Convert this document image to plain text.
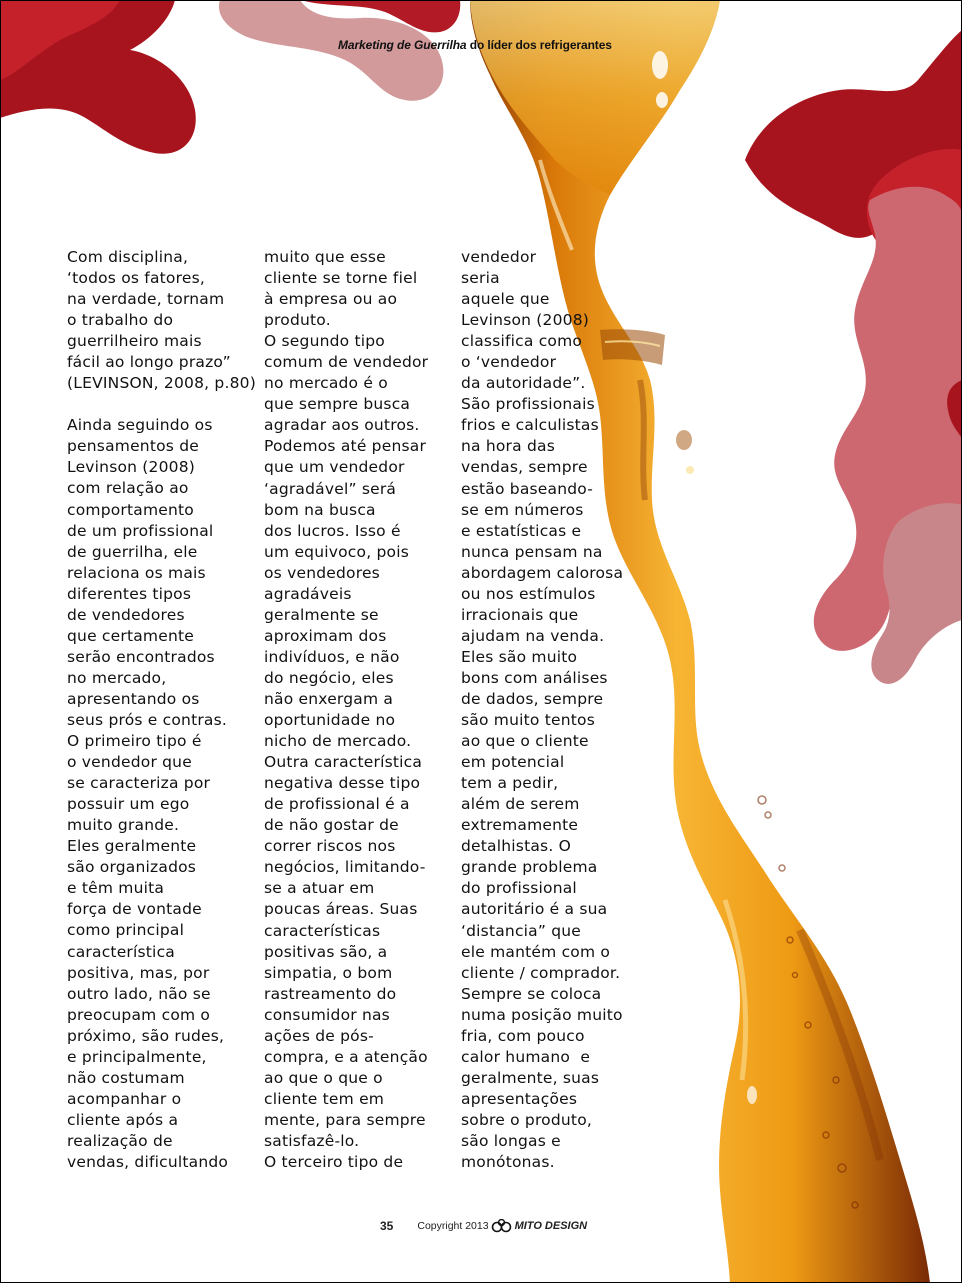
Marketing de Guerrilha do líder dos refrigerantes
Com disciplina,
‘todos os fatores,
na verdade, tornam
o trabalho do
guerrilheiro mais
fácil ao longo prazo”
(LEVINSON, 2008, p.80)
Ainda seguindo os
pensamentos de
Levinson (2008)
com relação ao
comportamento
de um profissional
de guerrilha, ele
relaciona os mais
diferentes tipos
de vendedores
que certamente
serão encontrados
no mercado,
apresentando os
seus prós e contras.
O primeiro tipo é
o vendedor que
se caracteriza por
possuir um ego
muito grande.
Eles geralmente
são organizados
e têm muita
força de vontade
como principal
característica
positiva, mas, por
outro lado, não se
preocupam com o
próximo, são rudes,
e principalmente,
não costumam
acompanhar o
cliente após a
realização de
vendas, dificultando
muito que esse
cliente se torne fiel
à empresa ou ao
produto.
O segundo tipo
comum de vendedor
no mercado é o
que sempre busca
agradar aos outros.
Podemos até pensar
que um vendedor
‘agradável” será
bom na busca
dos lucros. Isso é
um equivoco, pois
os vendedores
agradáveis
geralmente se
aproximam dos
indivíduos, e não
do negócio, eles
não enxergam a
oportunidade no
nicho de mercado.
Outra característica
negativa desse tipo
de profissional é a
de não gostar de
correr riscos nos
negócios, limitando-
se a atuar em
poucas áreas. Suas
características
positivas são, a
simpatia, o bom
rastreamento do
consumidor nas
ações de pós-
compra, e a atenção
ao que o que o
cliente tem em
mente, para sempre
satisfazê-lo.
O terceiro tipo de
vendedor
seria
aquele que
Levinson (2008)
classifica como
o ‘vendedor
da autoridade”.
São profissionais
frios e calculistas
na hora das
vendas, sempre
estão baseando-
se em números
e estatísticas e
nunca pensam na
abordagem calorosa
ou nos estímulos
irracionais que
ajudam na venda.
Eles são muito
bons com análises
de dados, sempre
são muito tentos
ao que o cliente
em potencial
tem a pedir,
além de serem
extremamente
detalhistas. O
grande problema
do profissional
autoritário é a sua
‘distancia” que
ele mantém com o
cliente / comprador.
Sempre se coloca
numa posição muito
fria, com pouco
calor humano  e
geralmente, suas
apresentações
sobre o produto,
são longas e
monótonas.
35 Copyright 2013 MITO DESIGN
